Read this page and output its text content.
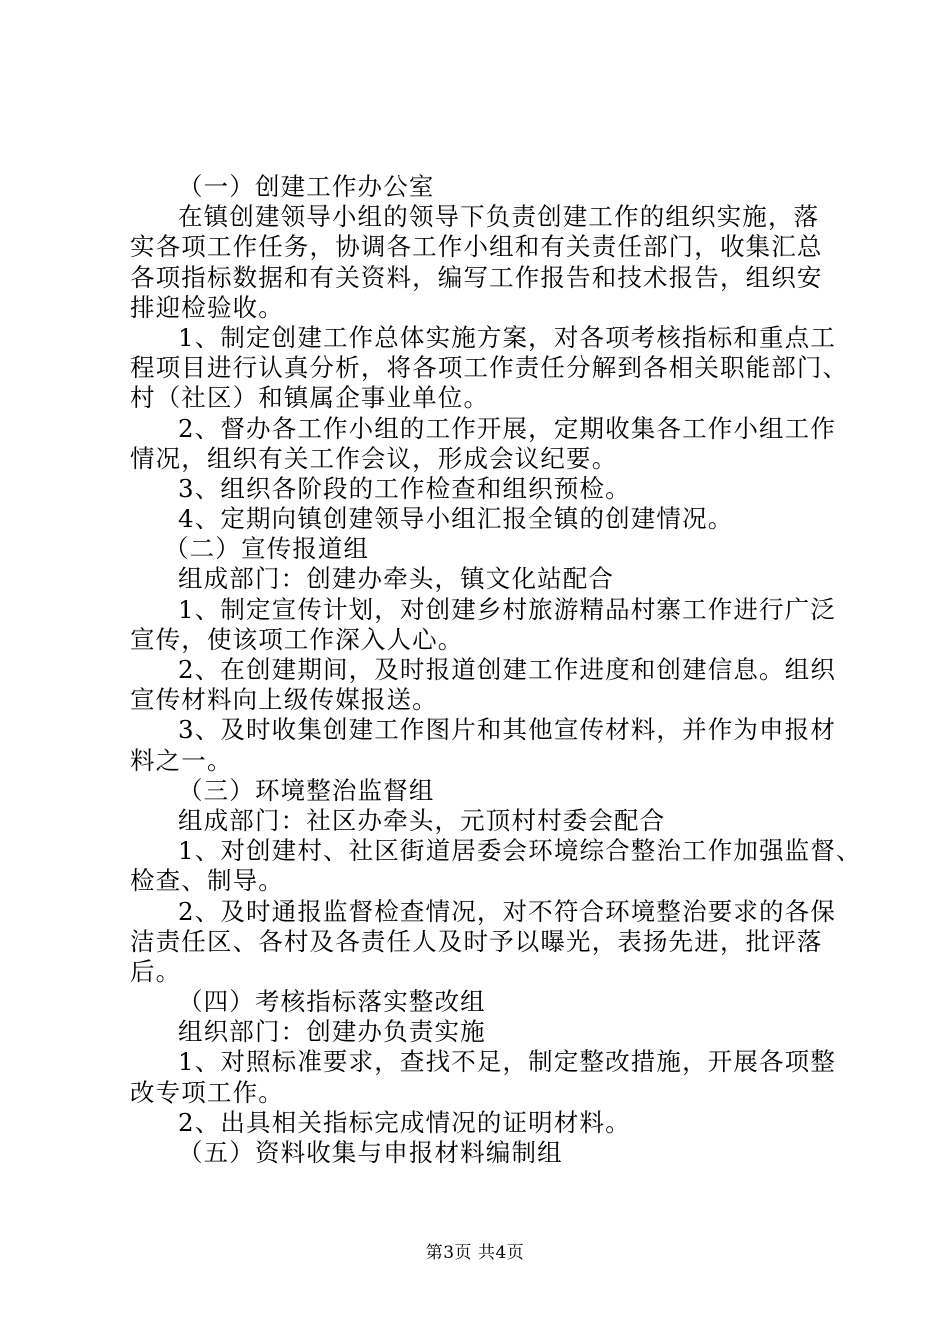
（一）创建工作办公室
在镇创建领导小组的领导下负责创建工作的组织实施，落
实各项工作任务，协调各工作小组和有关责任部门，收集汇总
各项指标数据和有关资料，编写工作报告和技术报告，组织安
排迎检验收。
1、制定创建工作总体实施方案，对各项考核指标和重点工
程项目进行认真分析，将各项工作责任分解到各相关职能部门、
村（社区）和镇属企事业单位。
2、督办各工作小组的工作开展，定期收集各工作小组工作
情况，组织有关工作会议，形成会议纪要。
3、组织各阶段的工作检查和组织预检。
4、定期向镇创建领导小组汇报全镇的创建情况。
（二）宣传报道组
组成部门：创建办牵头，镇文化站配合
1、制定宣传计划，对创建乡村旅游精品村寨工作进行广泛
宣传，使该项工作深入人心。
2、在创建期间，及时报道创建工作进度和创建信息。组织
宣传材料向上级传媒报送。
3、及时收集创建工作图片和其他宣传材料，并作为申报材
料之一。
（三）环境整治监督组
组成部门：社区办牵头，元顶村村委会配合
1、对创建村、社区街道居委会环境综合整治工作加强监督、
检查、制导。
2、及时通报监督检查情况，对不符合环境整治要求的各保
洁责任区、各村及各责任人及时予以曝光，表扬先进，批评落
后。
（四）考核指标落实整改组
组织部门：创建办负责实施
1、对照标准要求，查找不足，制定整改措施，开展各项整
改专项工作。
2、出具相关指标完成情况的证明材料。
（五）资料收集与申报材料编制组
第3页 共4页
